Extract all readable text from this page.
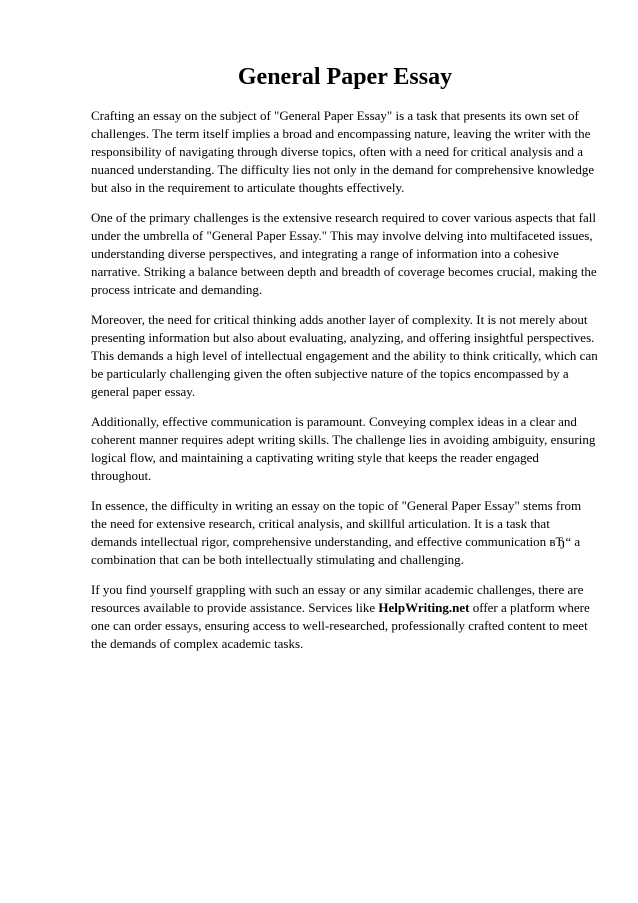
General Paper Essay

Crafting an essay on the subject of "General Paper Essay" is a task that presents its own set of challenges. The term itself implies a broad and encompassing nature, leaving the writer with the responsibility of navigating through diverse topics, often with a need for critical analysis and a nuanced understanding. The difficulty lies not only in the demand for comprehensive knowledge but also in the requirement to articulate thoughts effectively.

One of the primary challenges is the extensive research required to cover various aspects that fall under the umbrella of "General Paper Essay." This may involve delving into multifaceted issues, understanding diverse perspectives, and integrating a range of information into a cohesive narrative. Striking a balance between depth and breadth of coverage becomes crucial, making the process intricate and demanding.

Moreover, the need for critical thinking adds another layer of complexity. It is not merely about presenting information but also about evaluating, analyzing, and offering insightful perspectives. This demands a high level of intellectual engagement and the ability to think critically, which can be particularly challenging given the often subjective nature of the topics encompassed by a general paper essay.

Additionally, effective communication is paramount. Conveying complex ideas in a clear and coherent manner requires adept writing skills. The challenge lies in avoiding ambiguity, ensuring logical flow, and maintaining a captivating writing style that keeps the reader engaged throughout.

In essence, the difficulty in writing an essay on the topic of "General Paper Essay" stems from the need for extensive research, critical analysis, and skillful articulation. It is a task that demands intellectual rigor, comprehensive understanding, and effective communication вЂ“ a combination that can be both intellectually stimulating and challenging.

If you find yourself grappling with such an essay or any similar academic challenges, there are resources available to provide assistance. Services like HelpWriting.net offer a platform where one can order essays, ensuring access to well-researched, professionally crafted content to meet the demands of complex academic tasks.
